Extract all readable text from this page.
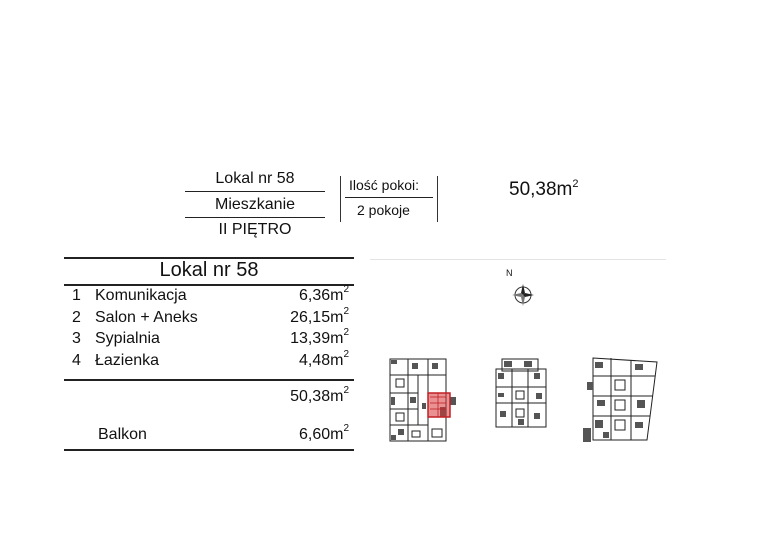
Lokal nr 58
Mieszkanie
II PIĘTRO
Ilość pokoi:
2 pokoje
$50,38m^2$
Lokal nr 58
1 Komunikacja	$6,36m^2$
2 Salon + Aneks	$26,15m^2$
3 Sypialnia	$13,39m^2$
4 Łazienka	$4,48m^2$
$50,38m^2$
Balkon	$6,60m^2$
N
